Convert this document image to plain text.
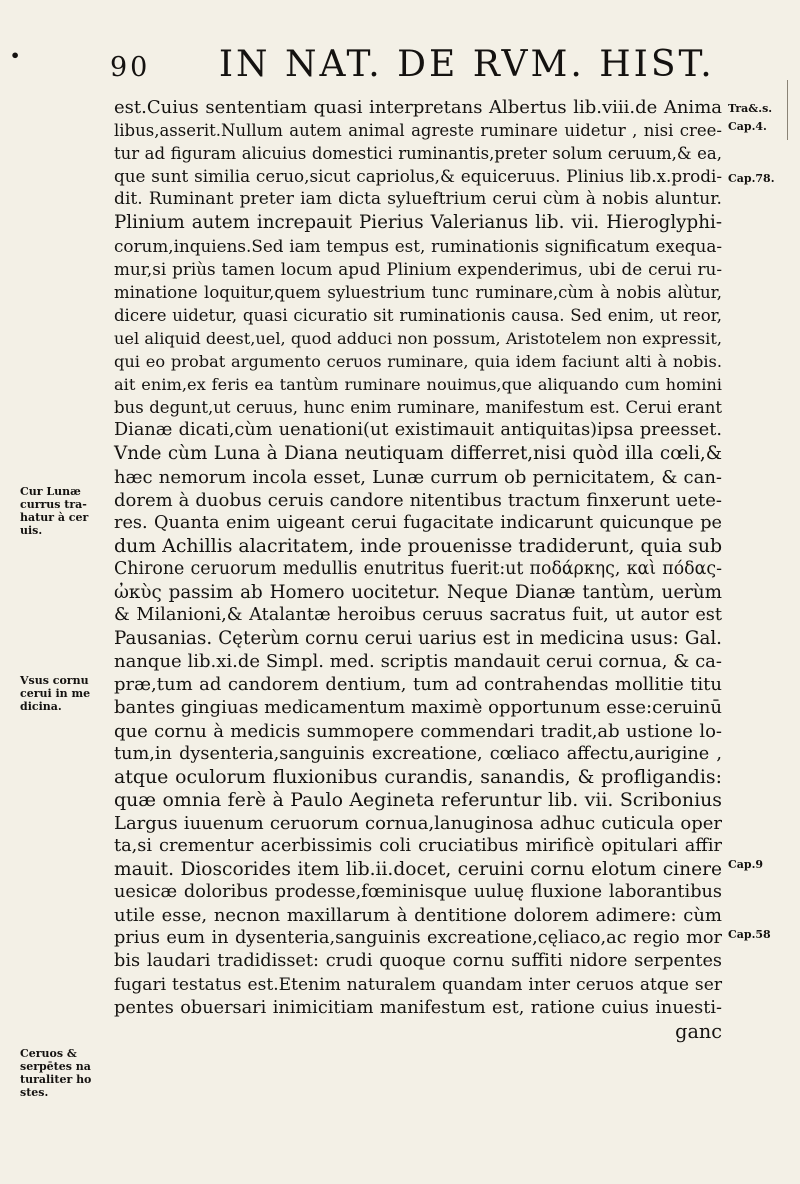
•	90 IN NAT. DE RVM. HIST.
est.Cuius sententiam quasi interpretans Albertus lib.viii.de Anima
libus,asserit.Nullum autem animal agreste ruminare uidetur , nisi cree-
tur ad figuram alicuius domestici ruminantis,preter solum ceruum,& ea,
que sunt similia ceruo,sicut capriolus,& equiceruus. Plinius lib.x.prodi-
dit. Ruminant preter iam dicta sylueftrium cerui cùm à nobis aluntur.
Plinium autem increpauit Pierius Valerianus lib. vii. Hieroglyphi-
corum,inquiens.Sed iam tempus est, ruminationis significatum exequa-
mur,si priùs tamen locum apud Plinium expenderimus, ubi de cerui ru-
minatione loquitur,quem syluestrium tunc ruminare,cùm à nobis alùtur,
dicere uidetur, quasi cicuratio sit ruminationis causa. Sed enim, ut reor,
uel aliquid deest,uel, quod adduci non possum, Aristotelem non expressit,
qui eo probat argumento ceruos ruminare, quia idem faciunt alti à nobis.
ait enim,ex feris ea tantùm ruminare nouimus,que aliquando cum homini
bus degunt,ut ceruus, hunc enim ruminare, manifestum est. Cerui erant
Dianæ dicati,cùm uenationi(ut existimauit antiquitas)ipsa preesset.
Vnde cùm Luna à Diana neutiquam differret,nisi quòd illa cœli,&
hæc nemorum incola esset, Lunæ currum ob pernicitatem, & can-
dorem à duobus ceruis candore nitentibus tractum finxerunt uete-
res. Quanta enim uigeant cerui fugacitate indicarunt quicunque pe
dum Achillis alacritatem, inde prouenisse tradiderunt, quia sub
Chirone ceruorum medullis enutritus fuerit:ut ποδάρκης, καὶ πόδας-
ὠκὺς passim ab Homero uocitetur. Neque Dianæ tantùm, uerùm
& Milanioni,& Atalantæ heroibus ceruus sacratus fuit, ut autor est
Pausanias. Cęterùm cornu cerui uarius est in medicina usus: Gal.
nanque lib.xi.de Simpl. med. scriptis mandauit cerui cornua, & ca-
præ,tum ad candorem dentium, tum ad contrahendas mollitie titu
bantes gingiuas medicamentum maximè opportunum esse:ceruinū
que cornu à medicis summopere commendari tradit,ab ustione lo-
tum,in dysenteria,sanguinis excreatione, cœliaco affectu,aurigine ,
atque oculorum fluxionibus curandis, sanandis, & profligandis:
quæ omnia ferè à Paulo Aegineta referuntur lib. vii. Scribonius
Largus iuuenum ceruorum cornua,lanuginosa adhuc cuticula oper
ta,si crementur acerbissimis coli cruciatibus mirificè opitulari affir
mauit. Dioscorides item lib.ii.docet, ceruini cornu elotum cinere
uesicæ doloribus prodesse,fœminisque uuluę fluxione laborantibus
utile esse, necnon maxillarum à dentitione dolorem adimere: cùm
prius eum in dysenteria,sanguinis excreatione,cęliaco,ac regio mor
bis laudari tradidisset: crudi quoque cornu suffiti nidore serpentes
fugari testatus est.Etenim naturalem quandam inter ceruos atque ser
pentes obuersari inimicitiam manifestum est, ratione cuius inuesti-
ganc
Cur Lunæ currus tra- hatur à cer uis.
Vsus cornu cerui in me dicina.
Ceruos & serpētes na turaliter ho stes.
Tra&.s.
Cap.4.
Cap.78.
Cap.9
Cap.58
